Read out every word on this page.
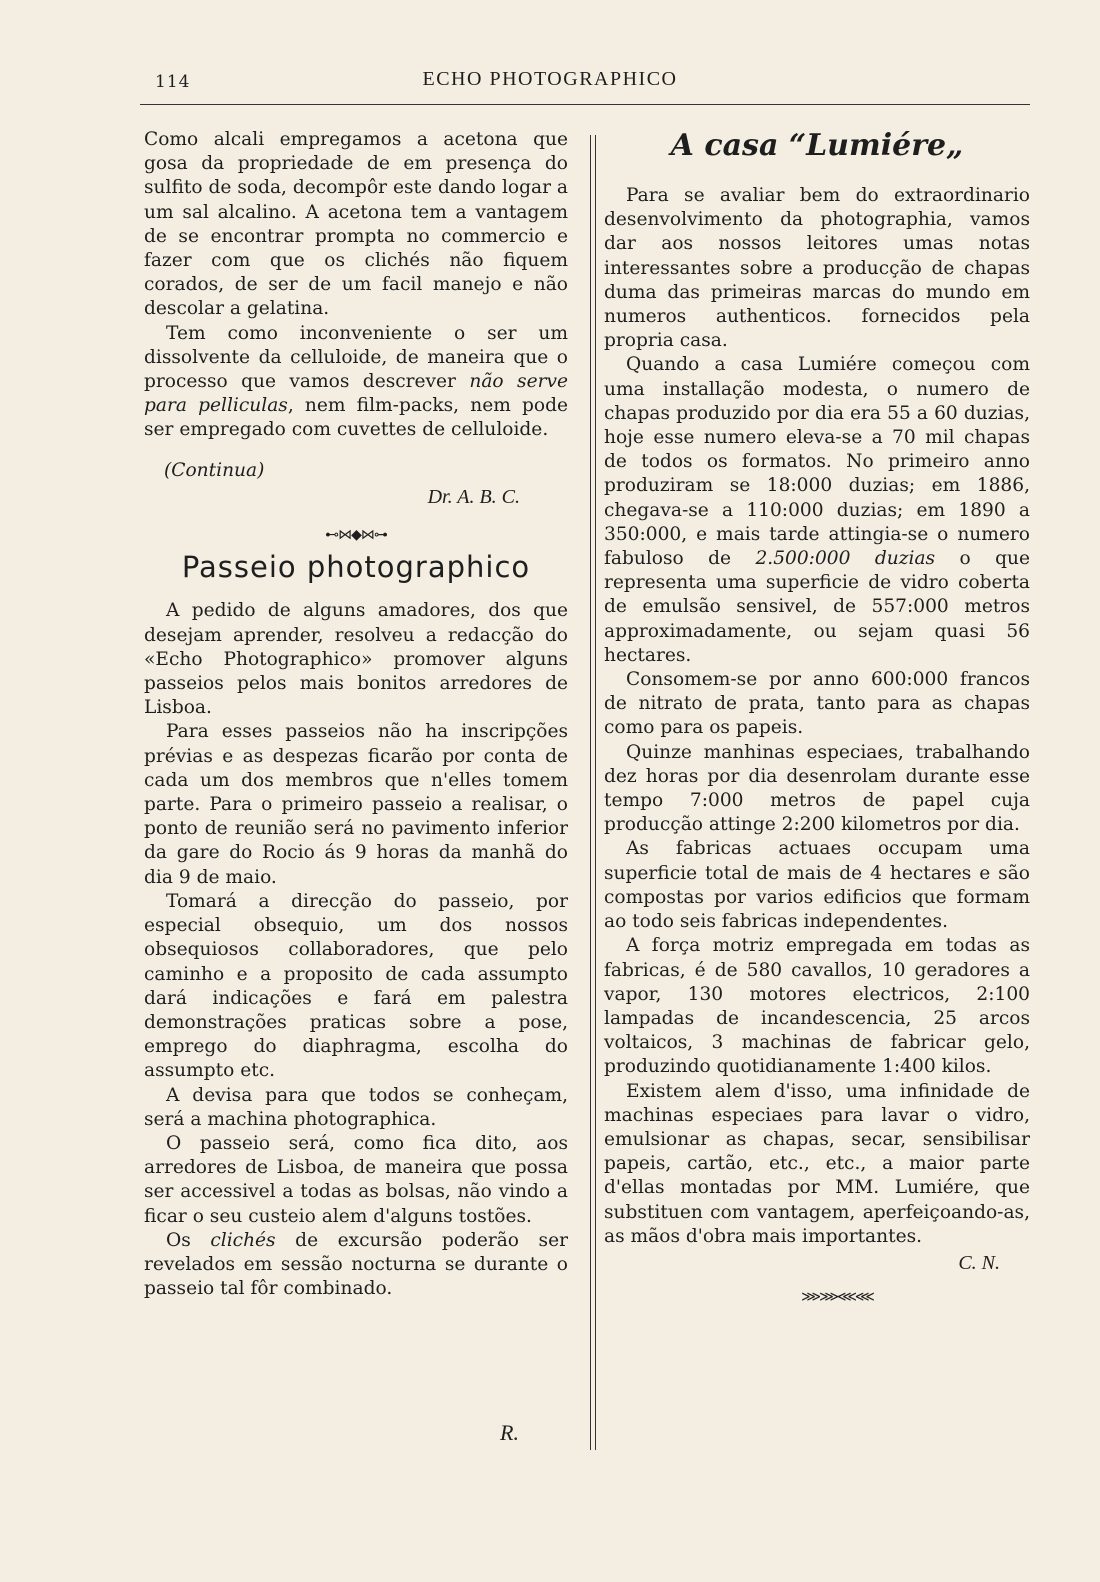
114	ECHO PHOTOGRAPHICO

Como alcali empregamos a acetona que gosa da propriedade de em presença do sulfito de soda, decompôr este dando logar a um sal alcalino. A acetona tem a vantagem de se encontrar prompta no commercio e fazer com que os clichés não fiquem corados, de ser de um facil manejo e não descolar a gelatina.

Tem como inconveniente o ser um dissolvente da celluloide, de maneira que o processo que vamos descrever não serve para pelliculas, nem film-packs, nem pode ser empregado com cuvettes de celluloide.

(Continua)
Dr. A. B. C.
⊷⋈◆⋈⊶
Passeio photographico

A pedido de alguns amadores, dos que desejam aprender, resolveu a redacção do «Echo Photographico» promover alguns passeios pelos mais bonitos arredores de Lisboa.

Para esses passeios não ha inscripções prévias e as despezas ficarão por conta de cada um dos membros que n'elles tomem parte. Para o primeiro passeio a realisar, o ponto de reunião será no pavimento inferior da gare do Rocio ás 9 horas da manhã do dia 9 de maio.

Tomará a direcção do passeio, por especial obsequio, um dos nossos obsequiosos collaboradores, que pelo caminho e a proposito de cada assumpto dará indicações e fará em palestra demonstrações praticas sobre a pose, emprego do diaphragma, escolha do assumpto etc.

A devisa para que todos se conheçam, será a machina photographica.

O passeio será, como fica dito, aos arredores de Lisboa, de maneira que possa ser accessivel a todas as bolsas, não vindo a ficar o seu custeio alem d'alguns tostões.

Os clichés de excursão poderão ser revelados em sessão nocturna se durante o passeio tal fôr combinado.

R.
A casa “Lumiére„

Para se avaliar bem do extraordinario desenvolvimento da photographia, vamos dar aos nossos leitores umas notas interessantes sobre a producção de chapas duma das primeiras marcas do mundo em numeros authenticos. fornecidos pela propria casa.

Quando a casa Lumiére começou com uma installação modesta, o numero de chapas produzido por dia era 55 a 60 duzias, hoje esse numero eleva-se a 70 mil chapas de todos os formatos. No primeiro anno produziram se 18:000 duzias; em 1886, chegava-se a 110:000 duzias; em 1890 a 350:000, e mais tarde attingia-se o numero fabuloso de 2.500:000 duzias o que representa uma superficie de vidro coberta de emulsão sensivel, de 557:000 metros approximadamente, ou sejam quasi 56 hectares.

Consomem-se por anno 600:000 francos de nitrato de prata, tanto para as chapas como para os papeis.

Quinze manhinas especiaes, trabalhando dez horas por dia desenrolam durante esse tempo 7:000 metros de papel cuja producção attinge 2:200 kilometros por dia.

As fabricas actuaes occupam uma superficie total de mais de 4 hectares e são compostas por varios edificios que formam ao todo seis fabricas independentes.

A força motriz empregada em todas as fabricas, é de 580 cavallos, 10 geradores a vapor, 130 motores electricos, 2:100 lampadas de incandescencia, 25 arcos voltaicos, 3 machinas de fabricar gelo, produzindo quotidianamente 1:400 kilos.

Existem alem d'isso, uma infinidade de machinas especiaes para lavar o vidro, emulsionar as chapas, secar, sensibilisar papeis, cartão, etc., etc., a maior parte d'ellas montadas por MM. Lumiére, que substituen com vantagem, aperfeiçoando-as, as mãos d'obra mais importantes.

C. N.
⋙⋙⋘⋘
